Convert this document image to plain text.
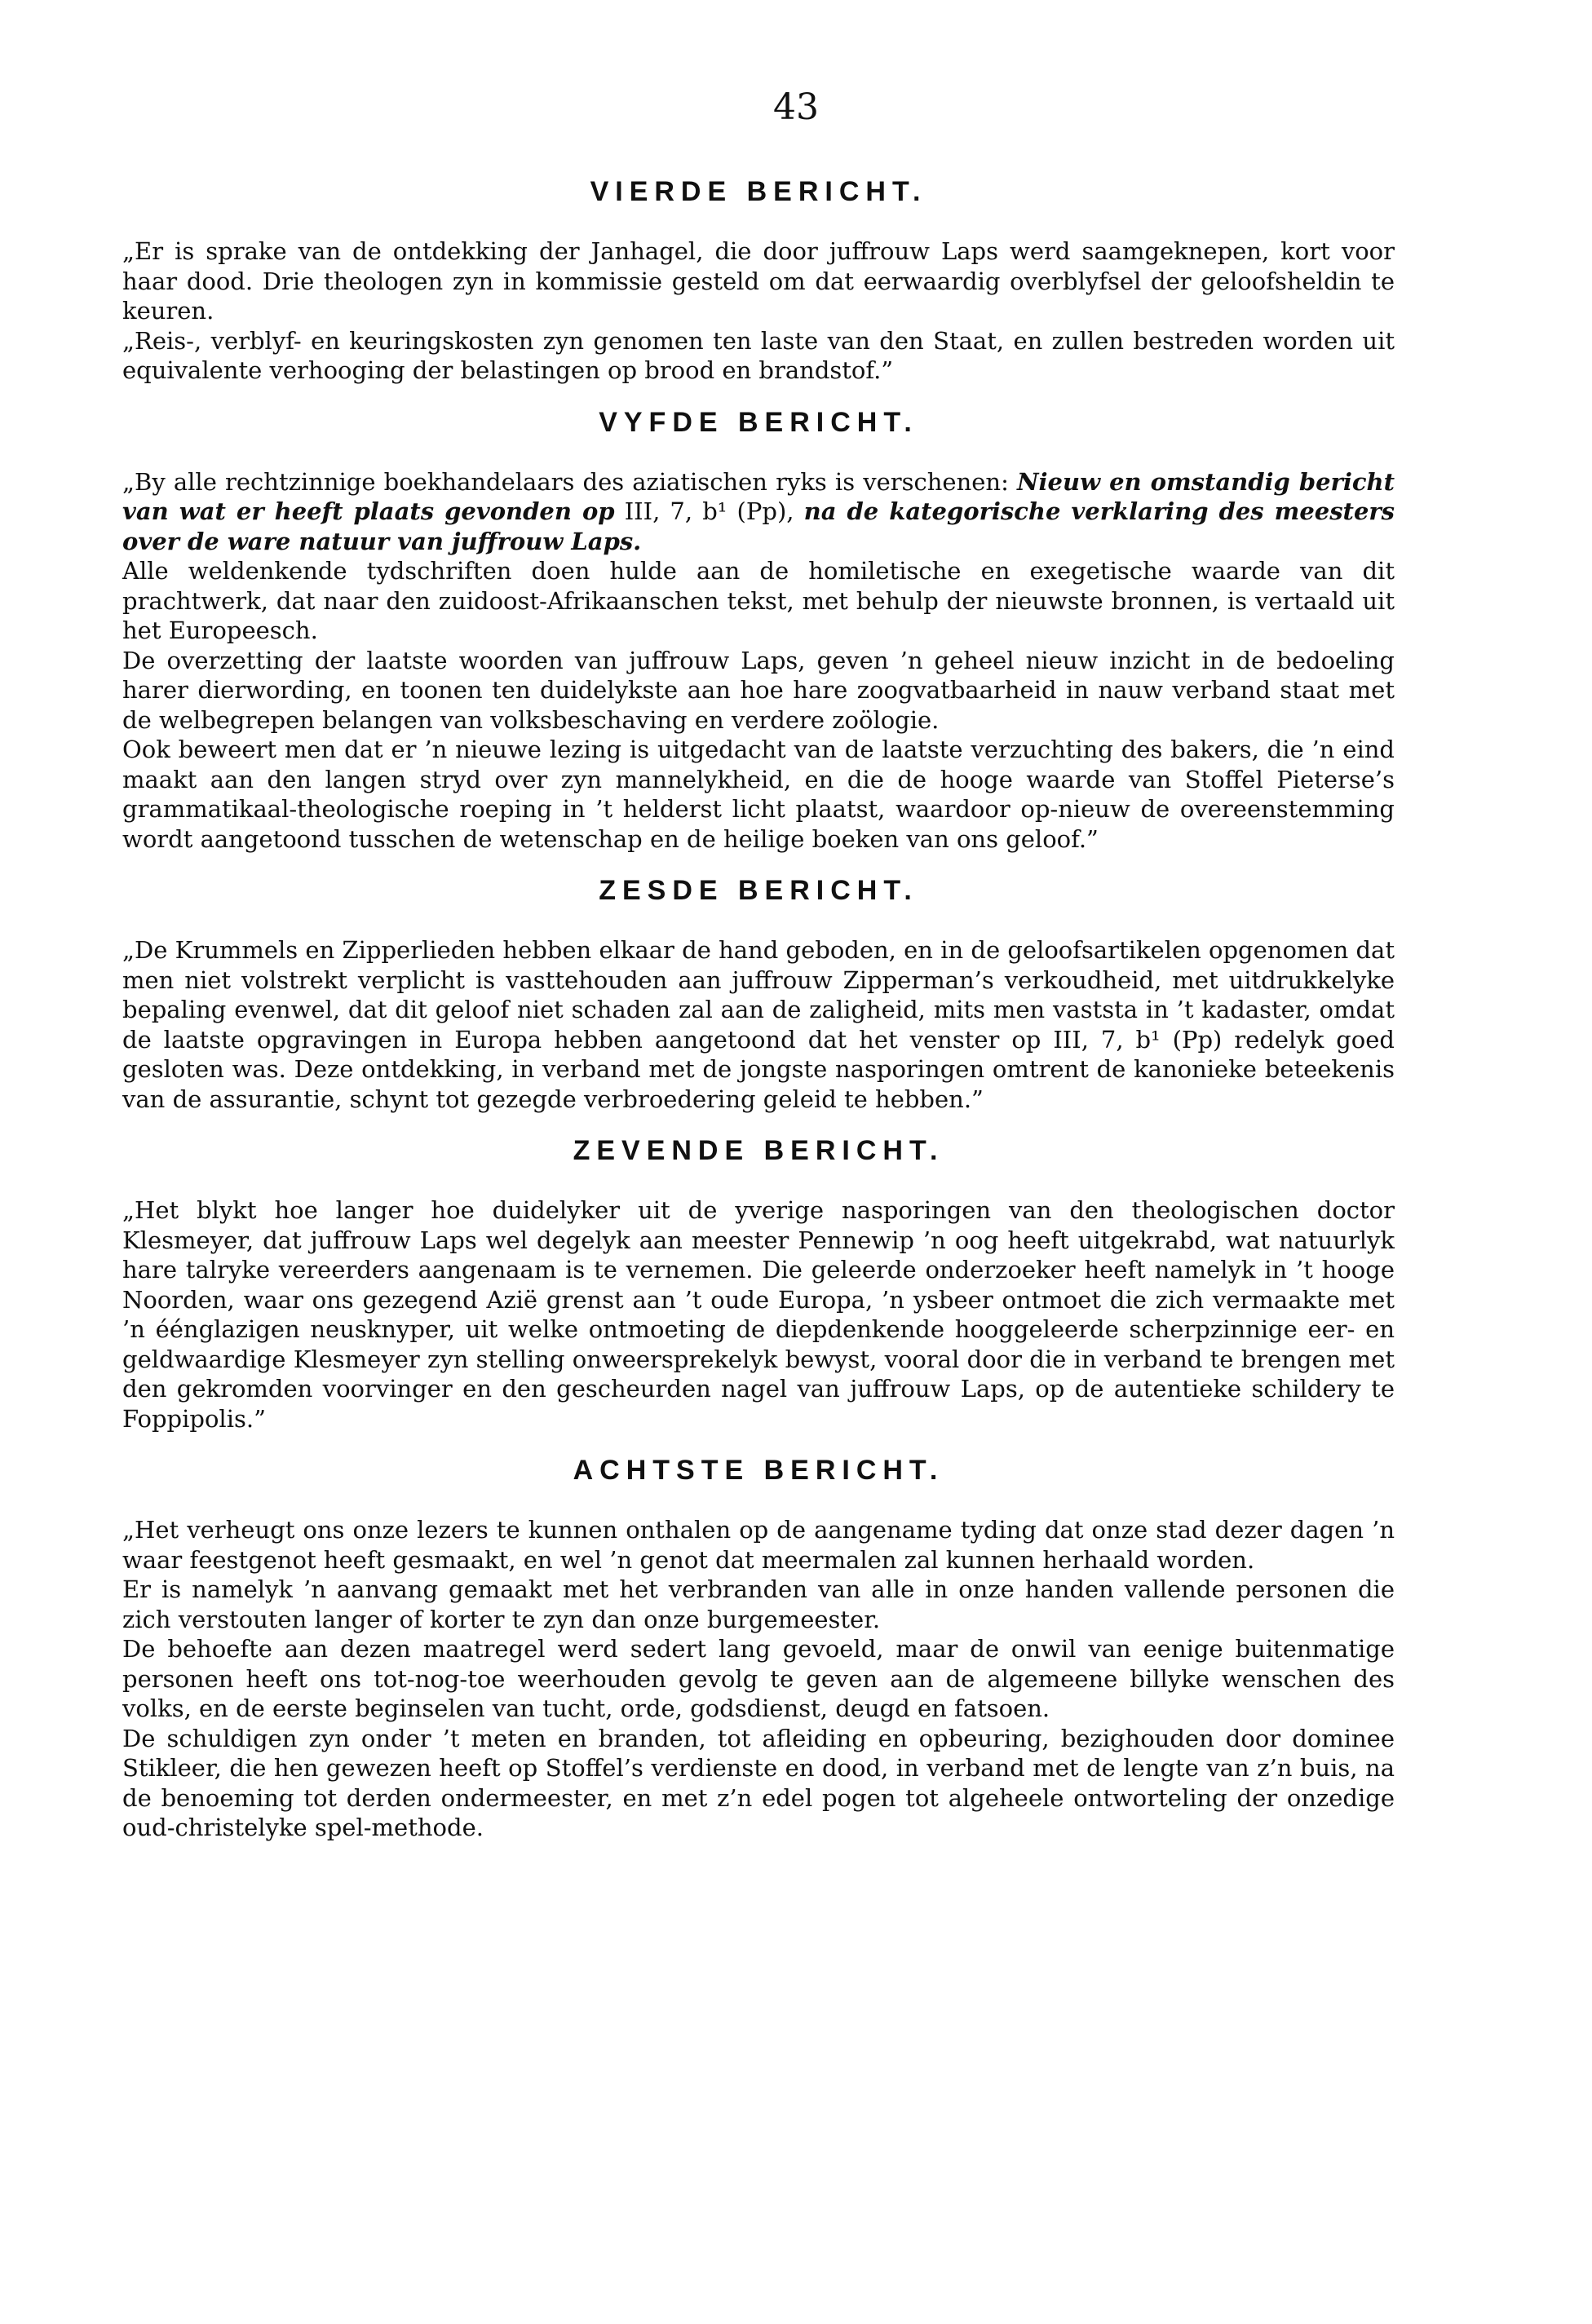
43
VIERDE BERICHT.

„Er is sprake van de ontdekking der Janhagel, die door juffrouw Laps werd saamgeknepen, kort voor haar dood. Drie theologen zyn in kommissie gesteld om dat eerwaardig overblyfsel der geloofsheldin te keuren.

„Reis-, verblyf- en keuringskosten zyn genomen ten laste van den Staat, en zullen bestreden worden uit equivalente verhooging der belastingen op brood en brandstof.”

VYFDE BERICHT.

„By alle rechtzinnige boekhandelaars des aziatischen ryks is verschenen: Nieuw en omstandig bericht van wat er heeft plaats gevonden op III, 7, b¹ (Pp), na de kategorische verklaring des meesters over de ware natuur van juffrouw Laps.

Alle weldenkende tydschriften doen hulde aan de homiletische en exegetische waarde van dit prachtwerk, dat naar den zuidoost-Afrikaanschen tekst, met behulp der nieuwste bronnen, is vertaald uit het Europeesch.

De overzetting der laatste woorden van juffrouw Laps, geven ’n geheel nieuw inzicht in de bedoeling harer dierwording, en toonen ten duidelykste aan hoe hare zoogvatbaarheid in nauw verband staat met de welbegrepen belangen van volksbeschaving en verdere zoölogie.

Ook beweert men dat er ’n nieuwe lezing is uitgedacht van de laatste verzuchting des bakers, die ’n eind maakt aan den langen stryd over zyn mannelykheid, en die de hooge waarde van Stoffel Pieterse’s grammatikaal-theologische roeping in ’t helderst licht plaatst, waardoor op-nieuw de overeenstemming wordt aangetoond tusschen de wetenschap en de heilige boeken van ons geloof.”

ZESDE BERICHT.

„De Krummels en Zipperlieden hebben elkaar de hand geboden, en in de geloofsartikelen opgenomen dat men niet volstrekt verplicht is vasttehouden aan juffrouw Zipperman’s verkoudheid, met uitdrukkelyke bepaling evenwel, dat dit geloof niet schaden zal aan de zaligheid, mits men vaststa in ’t kadaster, omdat de laatste opgravingen in Europa hebben aangetoond dat het venster op III, 7, b¹ (Pp) redelyk goed gesloten was. Deze ontdekking, in verband met de jongste nasporingen omtrent de kanonieke beteekenis van de assurantie, schynt tot gezegde verbroedering geleid te hebben.”

ZEVENDE BERICHT.

„Het blykt hoe langer hoe duidelyker uit de yverige nasporingen van den theologischen doctor Klesmeyer, dat juffrouw Laps wel degelyk aan meester Pennewip ’n oog heeft uitgekrabd, wat natuurlyk hare talryke vereerders aangenaam is te vernemen. Die geleerde onderzoeker heeft namelyk in ’t hooge Noorden, waar ons gezegend Azië grenst aan ’t oude Europa, ’n ysbeer ontmoet die zich vermaakte met ’n éénglazigen neusknyper, uit welke ontmoeting de diepdenkende hooggeleerde scherpzinnige eer- en geldwaardige Klesmeyer zyn stelling onweersprekelyk bewyst, vooral door die in verband te brengen met den gekromden voorvinger en den gescheurden nagel van juffrouw Laps, op de autentieke schildery te Foppipolis.”

ACHTSTE BERICHT.

„Het verheugt ons onze lezers te kunnen onthalen op de aangename tyding dat onze stad dezer dagen ’n waar feestgenot heeft gesmaakt, en wel ’n genot dat meermalen zal kunnen herhaald worden.

Er is namelyk ’n aanvang gemaakt met het verbranden van alle in onze handen vallende personen die zich verstouten langer of korter te zyn dan onze burgemeester.

De behoefte aan dezen maatregel werd sedert lang gevoeld, maar de onwil van eenige buitenmatige personen heeft ons tot-nog-toe weerhouden gevolg te geven aan de algemeene billyke wenschen des volks, en de eerste beginselen van tucht, orde, godsdienst, deugd en fatsoen.

De schuldigen zyn onder ’t meten en branden, tot afleiding en opbeuring, bezighouden door dominee Stikleer, die hen gewezen heeft op Stoffel’s verdienste en dood, in verband met de lengte van z’n buis, na de benoeming tot derden ondermeester, en met z’n edel pogen tot algeheele ontworteling der onzedige oud-christelyke spel-methode.
